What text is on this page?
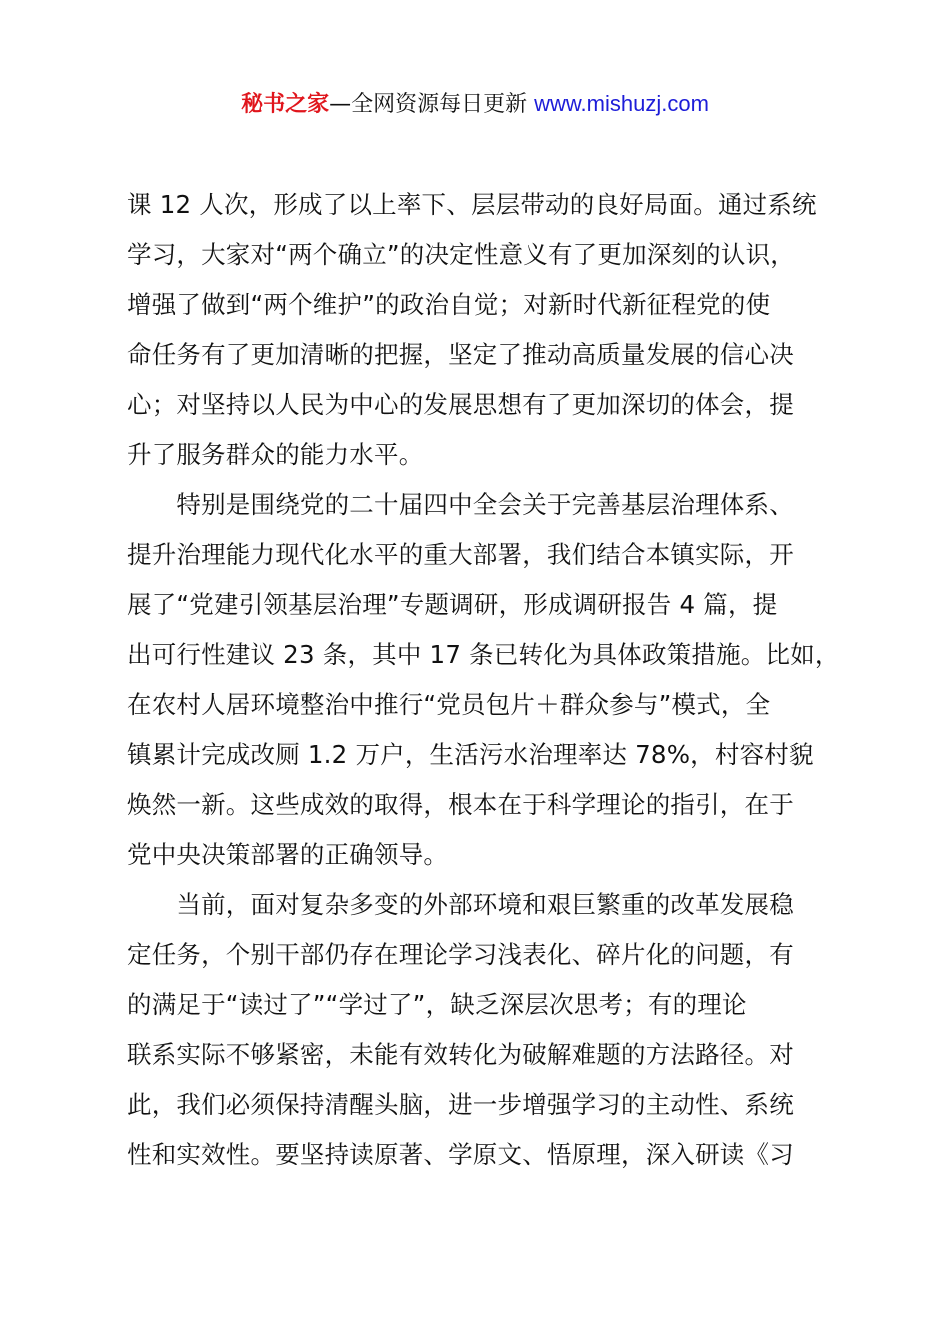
秘书之家—全网资源每日更新 www.mishuzj.com
课 12 人次，形成了以上率下、层层带动的良好局面。通过系统
学习，大家对“两个确立”的决定性意义有了更加深刻的认识，
增强了做到“两个维护”的政治自觉；对新时代新征程党的使
命任务有了更加清晰的把握，坚定了推动高质量发展的信心决
心；对坚持以人民为中心的发展思想有了更加深切的体会，提
升了服务群众的能力水平。
　　特别是围绕党的二十届四中全会关于完善基层治理体系、
提升治理能力现代化水平的重大部署，我们结合本镇实际，开
展了“党建引领基层治理”专题调研，形成调研报告 4 篇，提
出可行性建议 23 条，其中 17 条已转化为具体政策措施。比如，
在农村人居环境整治中推行“党员包片＋群众参与”模式，全
镇累计完成改厕 1.2 万户，生活污水治理率达 78%，村容村貌
焕然一新。这些成效的取得，根本在于科学理论的指引，在于
党中央决策部署的正确领导。
　　当前，面对复杂多变的外部环境和艰巨繁重的改革发展稳
定任务，个别干部仍存在理论学习浅表化、碎片化的问题，有
的满足于“读过了”“学过了”，缺乏深层次思考；有的理论
联系实际不够紧密，未能有效转化为破解难题的方法路径。对
此，我们必须保持清醒头脑，进一步增强学习的主动性、系统
性和实效性。要坚持读原著、学原文、悟原理，深入研读《习
